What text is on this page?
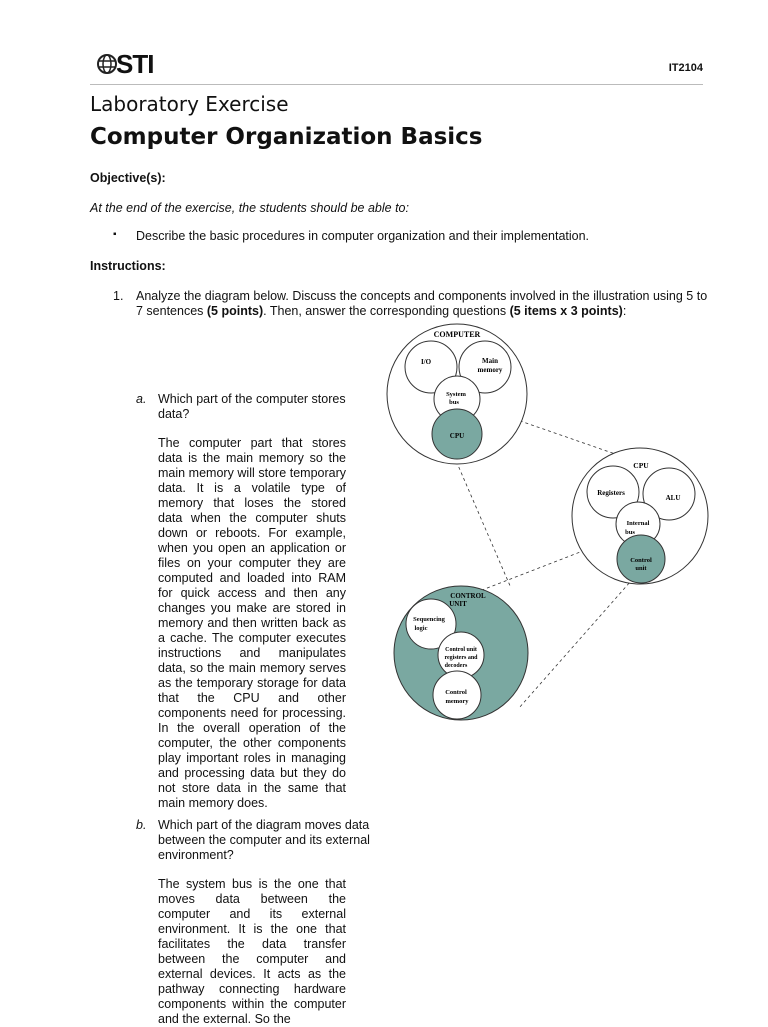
STI	IT2104
Laboratory Exercise
Computer Organization Basics
Objective(s):
At the end of the exercise, the students should be able to:
▪ Describe the basic procedures in computer organization and their implementation.
Instructions:
1. Analyze the diagram below. Discuss the concepts and components involved in the illustration using 5 to 7 sentences (5 points). Then, answer the corresponding questions (5 items x 3 points):
a. Which part of the computer stores data?
The computer part that stores data is the main memory so the main memory will store temporary data. It is a volatile type of memory that loses the stored data when the computer shuts down or reboots. For example, when you open an application or files on your computer they are computed and loaded into RAM for quick access and then any changes you make are stored in memory and then written back as a cache. The computer executes instructions and manipulates data, so the main memory serves as the temporary storage for data that the CPU and other components need for processing. In the overall operation of the computer, the other components play important roles in managing and processing data but they do not store data in the same that main memory does.
b. Which part of the diagram moves data between the computer and its external environment?
The system bus is the one that moves data between the computer and its external environment. It is the one that facilitates the data transfer between the computer and external devices. It acts as the pathway connecting hardware components within the computer and the external. So the
COMPUTER
I/O	Main
memory
System
bus
CPU
CPU
Registers
ALU
Internal
bus
Control
unit
CONTROL
UNIT
Sequencing
logic
Control unit
registers and
decoders
Control
memory
